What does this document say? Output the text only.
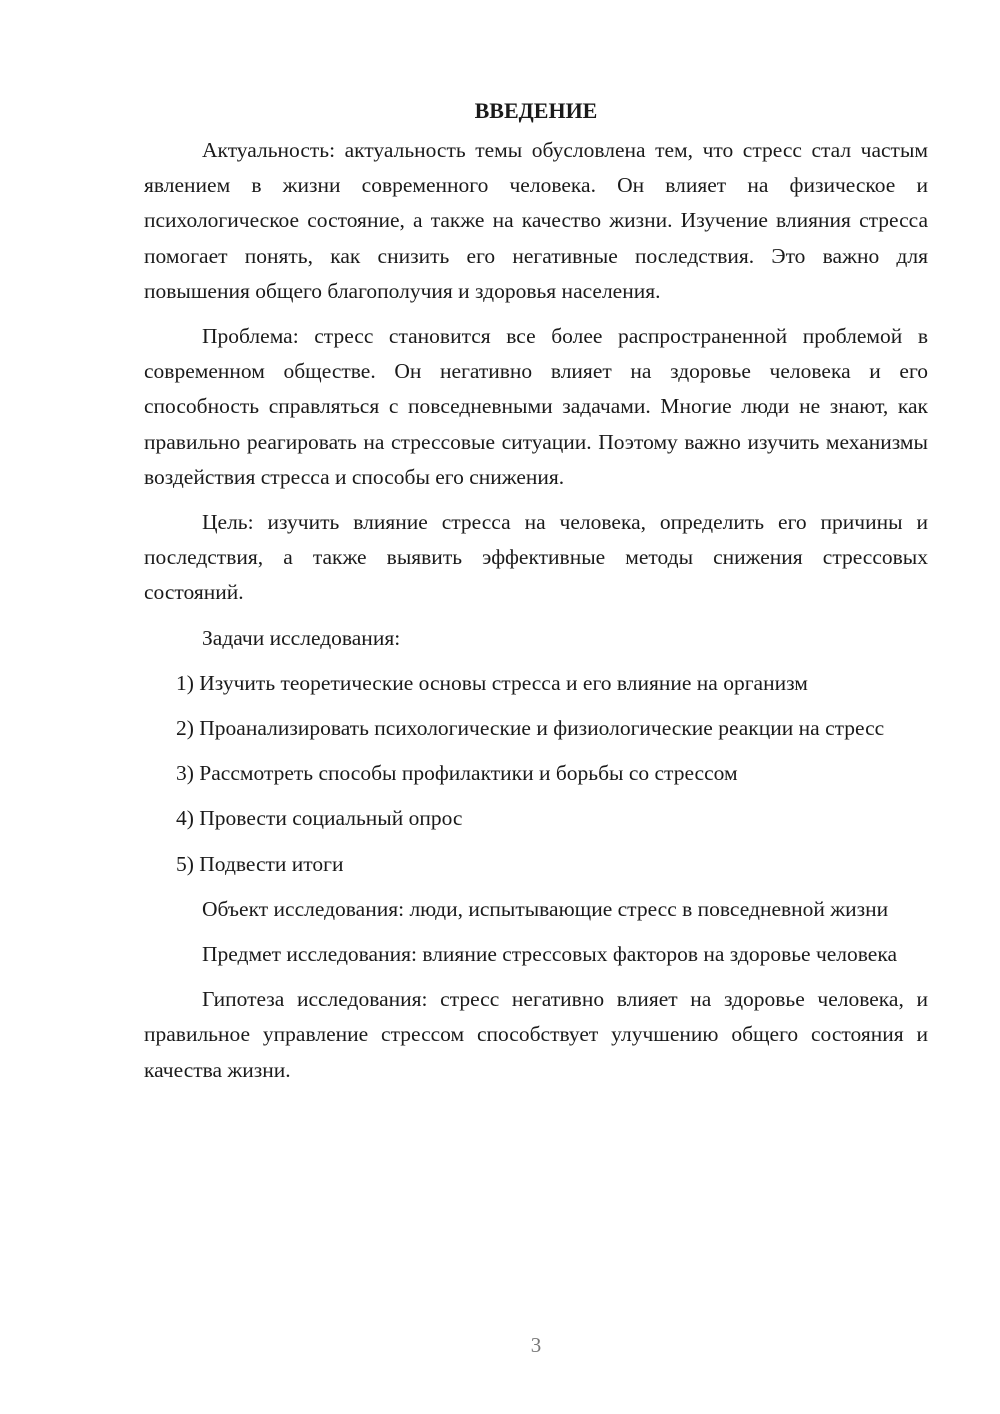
ВВЕДЕНИЕ

Актуальность: актуальность темы обусловлена тем, что стресс стал частым явлением в жизни современного человека. Он влияет на физическое и психологическое состояние, а также на качество жизни. Изучение влияния стресса помогает понять, как снизить его негативные последствия. Это важно для повышения общего благополучия и здоровья населения.

Проблема: стресс становится все более распространенной проблемой в современном обществе. Он негативно влияет на здоровье человека и его способность справляться с повседневными задачами. Многие люди не знают, как правильно реагировать на стрессовые ситуации. Поэтому важно изучить механизмы воздействия стресса и способы его снижения.

Цель: изучить влияние стресса на человека, определить его причины и последствия, а также выявить эффективные методы снижения стрессовых состояний.

Задачи исследования:

1) Изучить теоретические основы стресса и его влияние на организм

2) Проанализировать психологические и физиологические реакции на стресс

3) Рассмотреть способы профилактики и борьбы со стрессом

4) Провести социальный опрос

5) Подвести итоги

Объект исследования: люди, испытывающие стресс в повседневной жизни

Предмет исследования: влияние стрессовых факторов на здоровье человека

Гипотеза исследования: стресс негативно влияет на здоровье человека, и правильное управление стрессом способствует улучшению общего состояния и качества жизни.

3
